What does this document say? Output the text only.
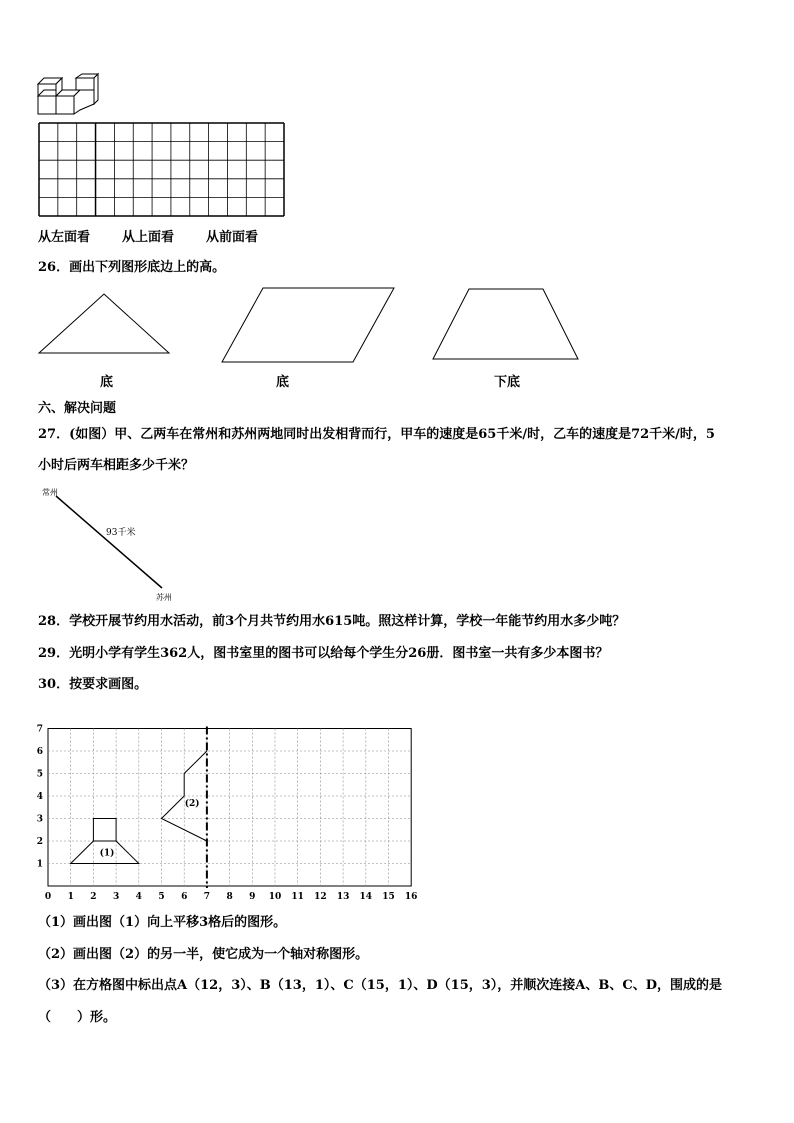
从左面看 从上面看 从前面看
26．画出下列图形底边上的高。
底	底	下底
六、解决问题
27．(如图）甲、乙两车在常州和苏州两地同时出发相背而行，甲车的速度是65千米/时，乙车的速度是72千米/时，5
小时后两车相距多少千米？
常州
苏州
93千米
28．学校开展节约用水活动，前3个月共节约用水615吨。照这样计算，学校一年能节约用水多少吨？
29．光明小学有学生362人，图书室里的图书可以给每个学生分26册．图书室一共有多少本图书？
30．按要求画图。
0 1 2 3 4 5 6 7 8 9 10 11 12 13 14 15 16
1
2
3
4
5
6
7
(1)
(2)
（1）画出图（1）向上平移3格后的图形。
（2）画出图（2）的另一半，使它成为一个轴对称图形。
（3）在方格图中标出点A（12，3）、B（13，1）、C（15，1）、D（15，3），并顺次连接A、B、C、D，围成的是
（　　）形。
